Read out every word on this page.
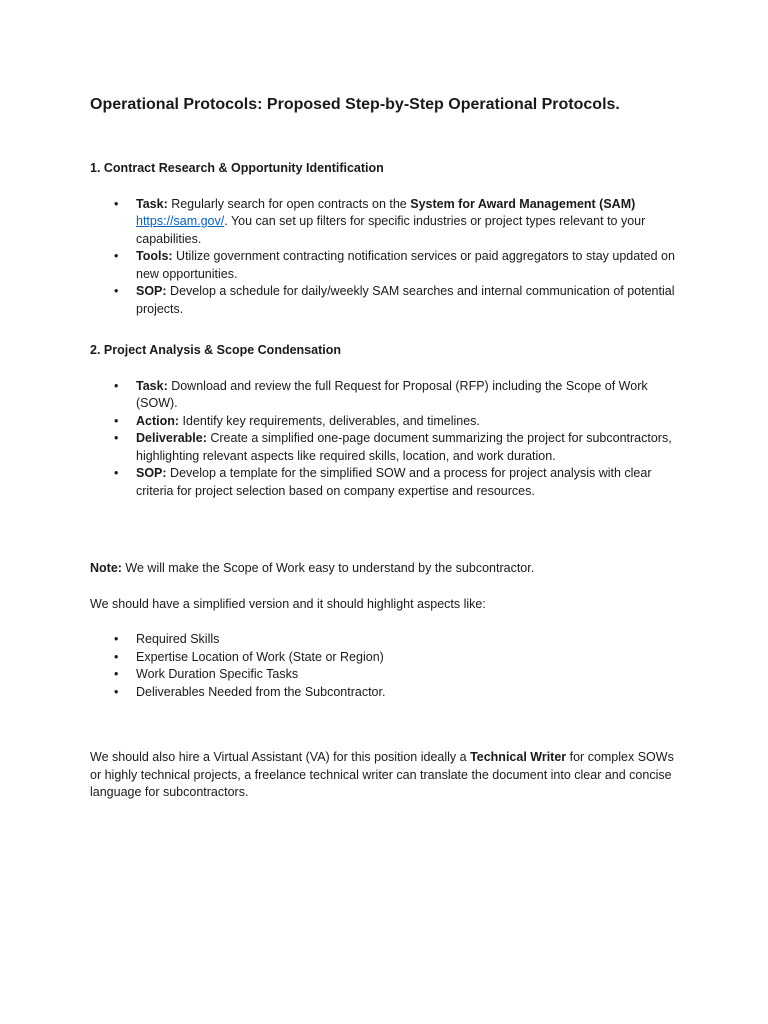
Operational Protocols: Proposed Step-by-Step Operational Protocols.
1. Contract Research & Opportunity Identification
• Task: Regularly search for open contracts on the System for Award Management (SAM) https://sam.gov/. You can set up filters for specific industries or project types relevant to your capabilities.
• Tools: Utilize government contracting notification services or paid aggregators to stay updated on new opportunities.
• SOP: Develop a schedule for daily/weekly SAM searches and internal communication of potential projects.
2. Project Analysis & Scope Condensation
• Task: Download and review the full Request for Proposal (RFP) including the Scope of Work (SOW).
• Action: Identify key requirements, deliverables, and timelines.
• Deliverable: Create a simplified one-page document summarizing the project for subcontractors, highlighting relevant aspects like required skills, location, and work duration.
• SOP: Develop a template for the simplified SOW and a process for project analysis with clear criteria for project selection based on company expertise and resources.

Note: We will make the Scope of Work easy to understand by the subcontractor.

We should have a simplified version and it should highlight aspects like:

• Required Skills
• Expertise Location of Work (State or Region)
• Work Duration Specific Tasks
• Deliverables Needed from the Subcontractor.

We should also hire a Virtual Assistant (VA) for this position ideally a Technical Writer for complex SOWs or highly technical projects, a freelance technical writer can translate the document into clear and concise language for subcontractors.
